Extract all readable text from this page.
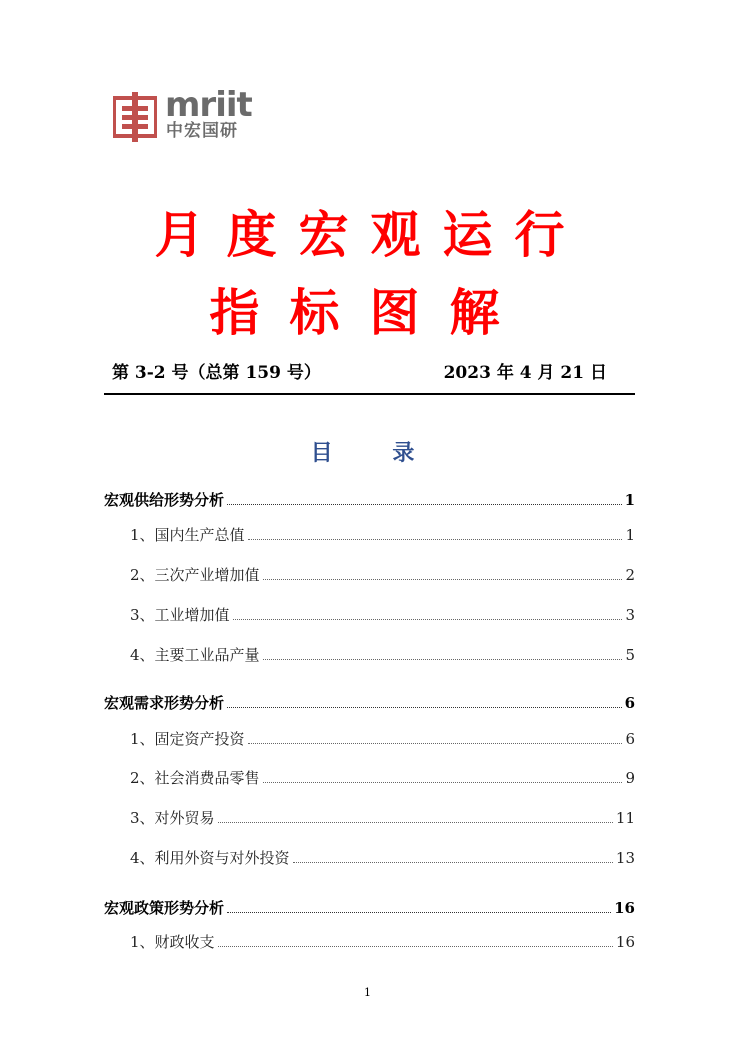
mriit
中宏国研
月度宏观运行
指标图解
第 3-2 号（总第 159 号）	2023 年 4 月 21 日
目 录
宏观供给形势分析	1
1、国内生产总值	1
2、三次产业增加值	2
3、工业增加值	3
4、主要工业品产量	5
宏观需求形势分析	6
1、固定资产投资	6
2、社会消费品零售	9
3、对外贸易	11
4、利用外资与对外投资	13
宏观政策形势分析	16
1、财政收支	16
1
